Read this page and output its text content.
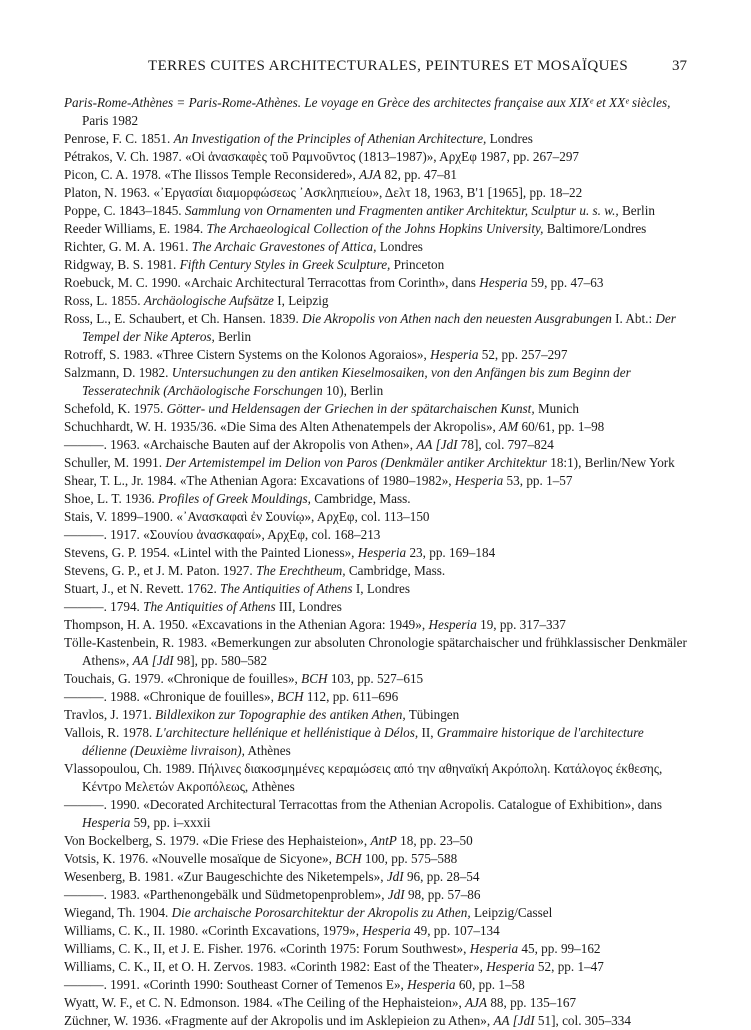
TERRES CUITES ARCHITECTURALES, PEINTURES ET MOSAÏQUES	37

Paris-Rome-Athènes = Paris-Rome-Athènes. Le voyage en Grèce des architectes française aux XIXᵉ et XXᵉ siècles, Paris 1982

Penrose, F. C. 1851. An Investigation of the Principles of Athenian Architecture, Londres

Pétrakos, V. Ch. 1987. «Οἱ ἀνασκαφὲς τοῦ Ραμνοῦντος (1813–1987)», ΑρχΕφ 1987, pp. 267–297

Picon, C. A. 1978. «The Ilissos Temple Reconsidered», AJA 82, pp. 47–81

Platon, N. 1963. «᾿Εργασίαι διαμορφώσεως ᾿Ασκληπιείου», Δελτ 18, 1963, Β'1 [1965], pp. 18–22

Poppe, C. 1843–1845. Sammlung von Ornamenten und Fragmenten antiker Architektur, Sculptur u. s. w., Berlin

Reeder Williams, E. 1984. The Archaeological Collection of the Johns Hopkins University, Baltimore/Londres

Richter, G. M. A. 1961. The Archaic Gravestones of Attica, Londres

Ridgway, B. S. 1981. Fifth Century Styles in Greek Sculpture, Princeton

Roebuck, M. C. 1990. «Archaic Architectural Terracottas from Corinth», dans Hesperia 59, pp. 47–63

Ross, L. 1855. Archäologische Aufsätze I, Leipzig

Ross, L., E. Schaubert, et Ch. Hansen. 1839. Die Akropolis von Athen nach den neuesten Ausgrabungen I. Abt.: Der Tempel der Nike Apteros, Berlin

Rotroff, S. 1983. «Three Cistern Systems on the Kolonos Agoraios», Hesperia 52, pp. 257–297

Salzmann, D. 1982. Untersuchungen zu den antiken Kieselmosaiken, von den Anfängen bis zum Beginn der Tesseratechnik (Archäologische Forschungen 10), Berlin

Schefold, K. 1975. Götter- und Heldensagen der Griechen in der spätarchaischen Kunst, Munich

Schuchhardt, W. H. 1935/36. «Die Sima des Alten Athenatempels der Akropolis», AM 60/61, pp. 1–98

———. 1963. «Archaische Bauten auf der Akropolis von Athen», AA [JdI 78], col. 797–824

Schuller, M. 1991. Der Artemistempel im Delion von Paros (Denkmäler antiker Architektur 18:1), Berlin/New York

Shear, T. L., Jr. 1984. «The Athenian Agora: Excavations of 1980–1982», Hesperia 53, pp. 1–57

Shoe, L. T. 1936. Profiles of Greek Mouldings, Cambridge, Mass.

Stais, V. 1899–1900. «᾿Ανασκαφαὶ ἐν Σουνίῳ», ΑρχΕφ, col. 113–150

———. 1917. «Σουνίου ἀνασκαφαί», ΑρχΕφ, col. 168–213

Stevens, G. P. 1954. «Lintel with the Painted Lioness», Hesperia 23, pp. 169–184

Stevens, G. P., et J. M. Paton. 1927. The Erechtheum, Cambridge, Mass.

Stuart, J., et N. Revett. 1762. The Antiquities of Athens I, Londres

———. 1794. The Antiquities of Athens III, Londres

Thompson, H. A. 1950. «Excavations in the Athenian Agora: 1949», Hesperia 19, pp. 317–337

Tölle-Kastenbein, R. 1983. «Bemerkungen zur absoluten Chronologie spätarchaischer und frühklassischer Denkmäler Athens», AA [JdI 98], pp. 580–582

Touchais, G. 1979. «Chronique de fouilles», BCH 103, pp. 527–615

———. 1988. «Chronique de fouilles», BCH 112, pp. 611–696

Travlos, J. 1971. Bildlexikon zur Topographie des antiken Athen, Tübingen

Vallois, R. 1978. L'architecture hellénique et hellénistique à Délos, II, Grammaire historique de l'architecture délienne (Deuxième livraison), Athènes

Vlassopoulou, Ch. 1989. Πήλινες διακοσμημένες κεραμώσεις από την αθηναϊκή Ακρόπολη. Κατάλογος έκθεσης, Κέντρο Μελετών Ακροπόλεως, Athènes

———. 1990. «Decorated Architectural Terracottas from the Athenian Acropolis. Catalogue of Exhibition», dans Hesperia 59, pp. i–xxxii

Von Bockelberg, S. 1979. «Die Friese des Hephaisteion», AntP 18, pp. 23–50

Votsis, K. 1976. «Nouvelle mosaïque de Sicyone», BCH 100, pp. 575–588

Wesenberg, B. 1981. «Zur Baugeschichte des Niketempels», JdI 96, pp. 28–54

———. 1983. «Parthenongebälk und Südmetopenproblem», JdI 98, pp. 57–86

Wiegand, Th. 1904. Die archaische Porosarchitektur der Akropolis zu Athen, Leipzig/Cassel

Williams, C. K., II. 1980. «Corinth Excavations, 1979», Hesperia 49, pp. 107–134

Williams, C. K., II, et J. E. Fisher. 1976. «Corinth 1975: Forum Southwest», Hesperia 45, pp. 99–162

Williams, C. K., II, et O. H. Zervos. 1983. «Corinth 1982: East of the Theater», Hesperia 52, pp. 1–47

———. 1991. «Corinth 1990: Southeast Corner of Temenos E», Hesperia 60, pp. 1–58

Wyatt, W. F., et C. N. Edmonson. 1984. «The Ceiling of the Hephaisteion», AJA 88, pp. 135–167

Züchner, W. 1936. «Fragmente auf der Akropolis und im Asklepieion zu Athen», AA [JdI 51], col. 305–334
